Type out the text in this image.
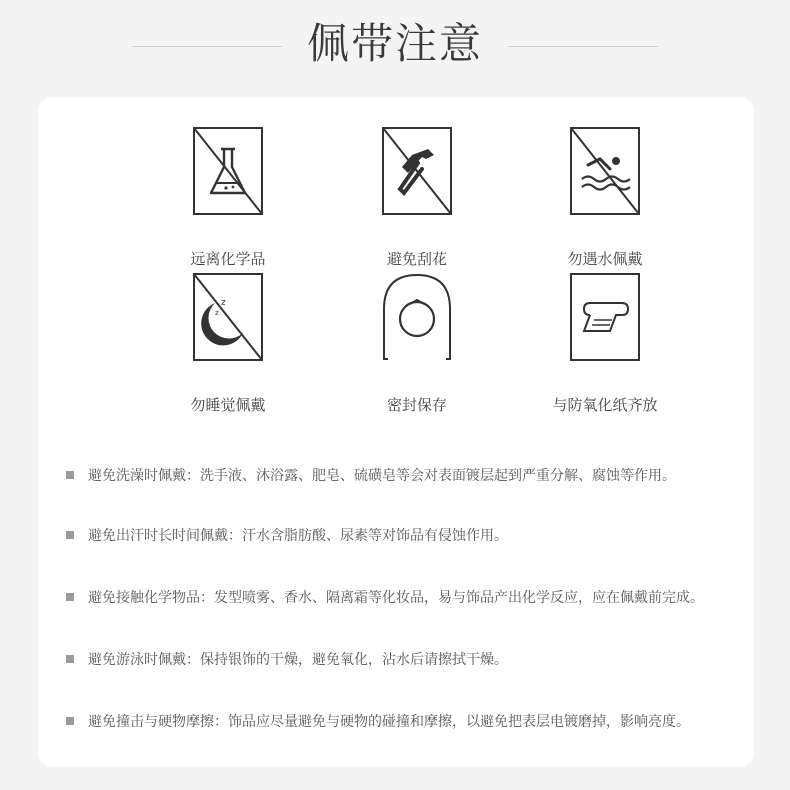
佩带注意
远离化学品	避免刮花	勿遇水佩戴
z
z
勿睡觉佩戴	密封保存	与防氧化纸齐放
避免洗澡时佩戴：洗手液、沐浴露、肥皂、硫磺皂等会对表面镀层起到严重分解、腐蚀等作用。
避免出汗时长时间佩戴：汗水含脂肪酸、尿素等对饰品有侵蚀作用。
避免接触化学物品：发型喷雾、香水、隔离霜等化妆品，易与饰品产出化学反应，应在佩戴前完成。
避免游泳时佩戴：保持银饰的干燥，避免氧化，沾水后请擦拭干燥。
避免撞击与硬物摩擦：饰品应尽量避免与硬物的碰撞和摩擦，以避免把表层电镀磨掉，影响亮度。
